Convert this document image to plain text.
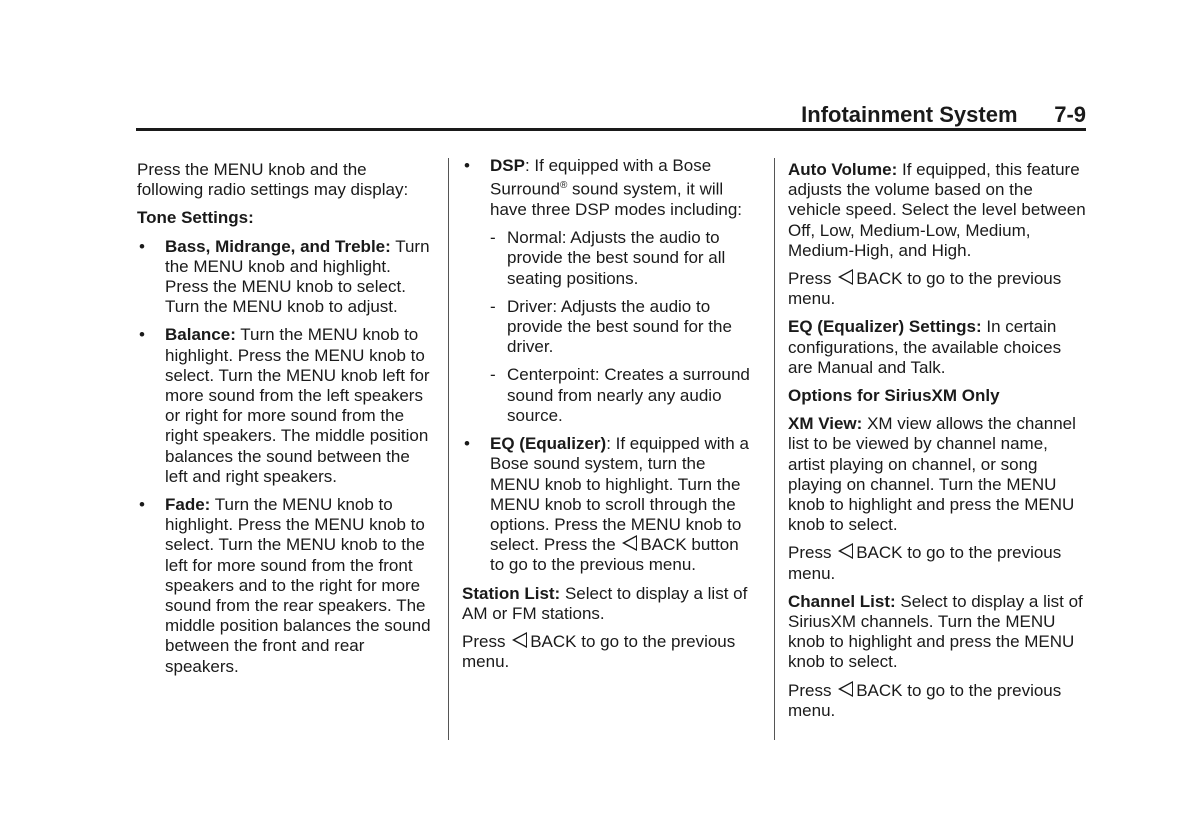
Infotainment System 7-9

Press the MENU knob and the following radio settings may display:

Tone Settings:

• Bass, Midrange, and Treble: Turn the MENU knob and highlight. Press the MENU knob to select. Turn the MENU knob to adjust.
• Balance: Turn the MENU knob to highlight. Press the MENU knob to select. Turn the MENU knob left for more sound from the left speakers or right for more sound from the right speakers. The middle position balances the sound between the left and right speakers.
• Fade: Turn the MENU knob to highlight. Press the MENU knob to select. Turn the MENU knob to the left for more sound from the front speakers and to the right for more sound from the rear speakers. The middle position balances the sound between the front and rear speakers.
• DSP: If equipped with a Bose Surround® sound system, it will have three DSP modes including:
- Normal: Adjusts the audio to provide the best sound for all seating positions.
- Driver: Adjusts the audio to provide the best sound for the driver.
- Centerpoint: Creates a surround sound from nearly any audio source.
• EQ (Equalizer): If equipped with a Bose sound system, turn the MENU knob to highlight. Turn the MENU knob to scroll through the options. Press the MENU knob to select. Press the BACK button to go to the previous menu.

Station List: Select to display a list of AM or FM stations.

Press BACK to go to the previous menu.

Auto Volume: If equipped, this feature adjusts the volume based on the vehicle speed. Select the level between Off, Low, Medium-Low, Medium, Medium-High, and High.

Press BACK to go to the previous menu.

EQ (Equalizer) Settings: In certain configurations, the available choices are Manual and Talk.

Options for SiriusXM Only

XM View: XM view allows the channel list to be viewed by channel name, artist playing on channel, or song playing on channel. Turn the MENU knob to highlight and press the MENU knob to select.

Press BACK to go to the previous menu.

Channel List: Select to display a list of SiriusXM channels. Turn the MENU knob to highlight and press the MENU knob to select.

Press BACK to go to the previous menu.
